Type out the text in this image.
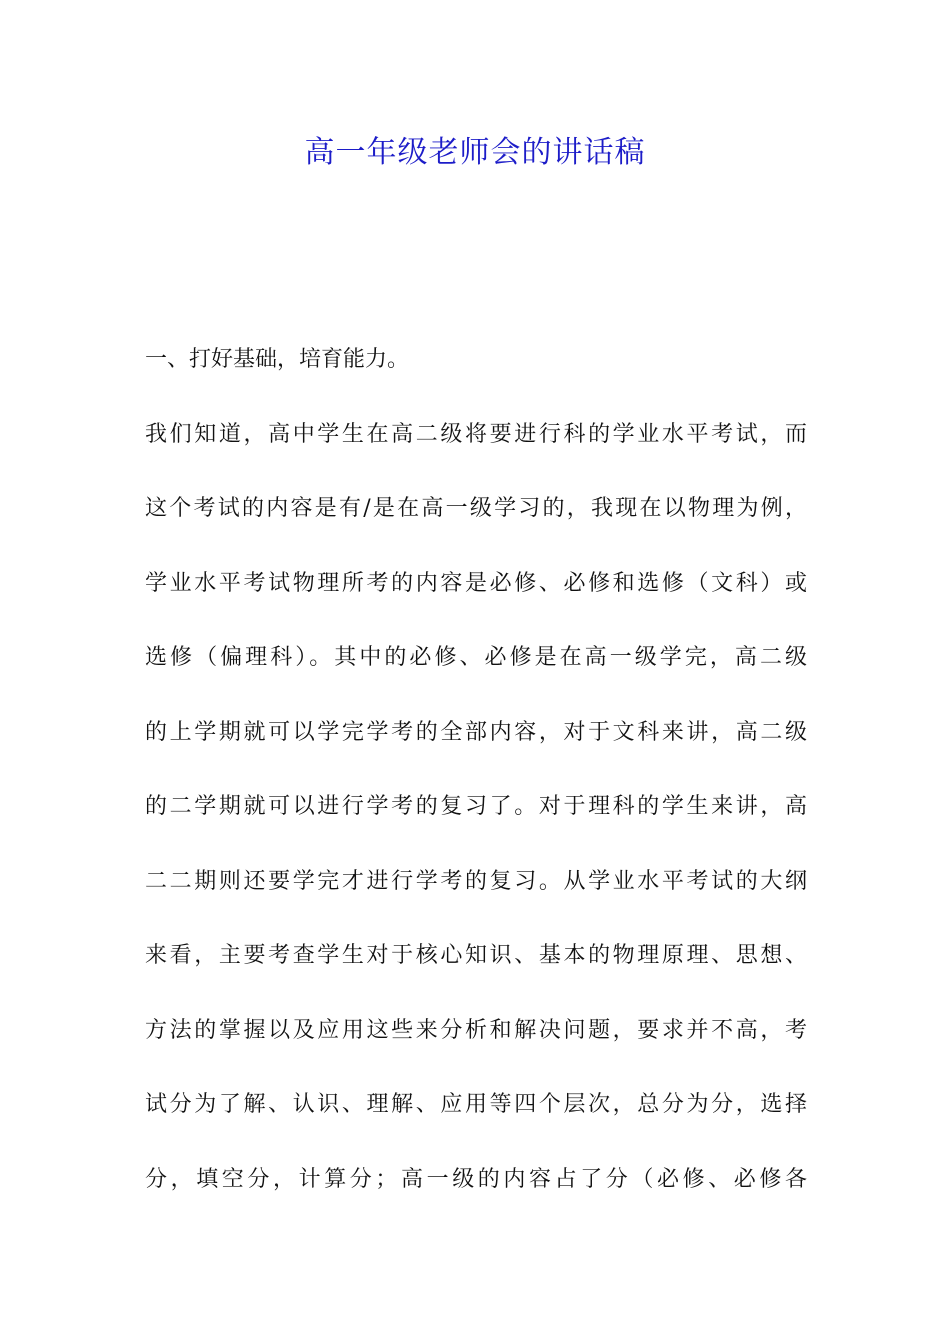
高一年级老师会的讲话稿
一、打好基础，培育能力。
我们知道，高中学生在高二级将要进行科的学业水平考试，而
这个考试的内容是有/是在高一级学习的，我现在以物理为例，
学业水平考试物理所考的内容是必修、必修和选修（文科）或
选修（偏理科）。其中的必修、必修是在高一级学完，高二级
的上学期就可以学完学考的全部内容，对于文科来讲，高二级
的二学期就可以进行学考的复习了。对于理科的学生来讲，高
二二期则还要学完才进行学考的复习。从学业水平考试的大纲
来看，主要考查学生对于核心知识、基本的物理原理、思想、
方法的掌握以及应用这些来分析和解决问题，要求并不高，考
试分为了解、认识、理解、应用等四个层次，总分为分，选择
分，填空分，计算分；高一级的内容占了分（必修、必修各
